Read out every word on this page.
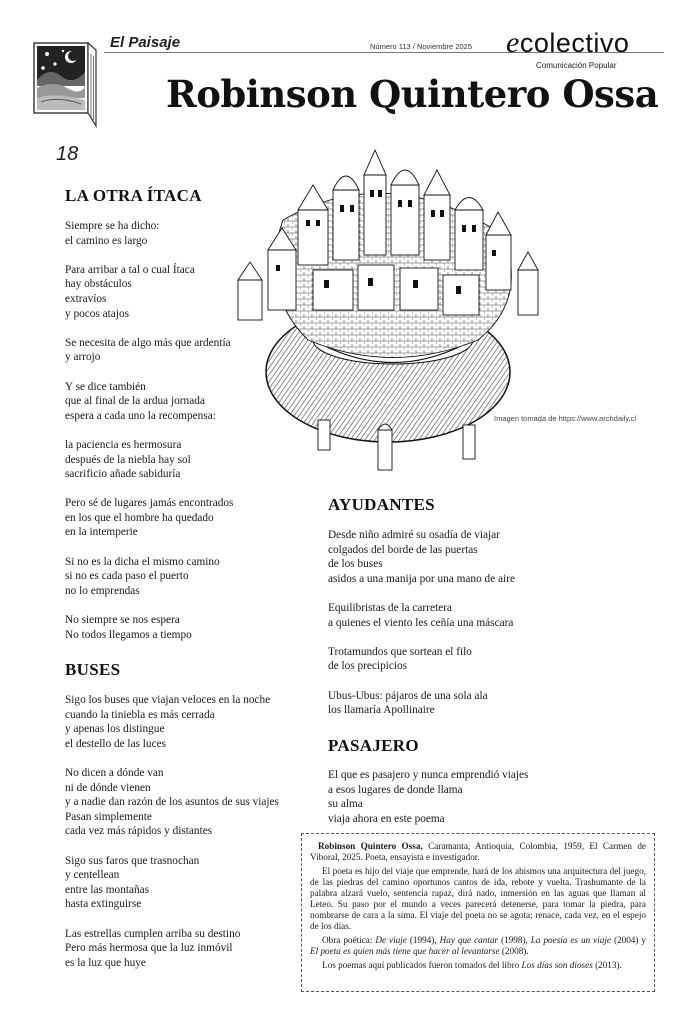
El Paisaje	Número 113 / Noviembre 2025 ecolectivo
Comunicación Popular
Robinson Quintero Ossa
18
LA OTRA ÍTACA
Siempre se ha dicho:
el camino es largo

Para arribar a tal o cual Ítaca
hay obstáculos
extravíos
y pocos atajos

Se necesita de algo más que ardentía
y arrojo

Y se dice también
que al final de la ardua jornada
espera a cada uno la recompensa:

la paciencia es hermosura
después de la niebla hay sol
sacrificio añade sabiduría

Pero sé de lugares jamás encontrados
en los que el hombre ha quedado
en la intemperie

Si no es la dicha el mismo camino
si no es cada paso el puerto
no lo emprendas

No siempre se nos espera
No todos llegamos a tiempo
BUSES
Sigo los buses que viajan veloces en la noche
cuando la tiniebla es más cerrada
y apenas los distingue
el destello de las luces

No dicen a dónde van
ni de dónde vienen
y a nadie dan razón de los asuntos de sus viajes
Pasan simplemente
cada vez más rápidos y distantes

Sigo sus faros que trasnochan
y centellean
entre las montañas
hasta extinguirse

Las estrellas cumplen arriba su destino
Pero más hermosa que la luz inmóvil
es la luz que huye
Imagen tomada de https://www.archdaily.cl
AYUDANTES
Desde niño admiré su osadía de viajar
colgados del borde de las puertas
de los buses
asidos a una manija por una mano de aire

Equilibristas de la carretera
a quienes el viento les ceñía una máscara

Trotamundos que sortean el filo
de los precipicios

Ubus-Ubus: pájaros de una sola ala
los llamaría Apollinaire
PASAJERO
El que es pasajero y nunca emprendió viajes
a esos lugares de donde llama
su alma
viaja ahora en este poema

Robinson Quintero Ossa, Caramanta, Antioquia, Colombia, 1959, El Carmen de Viboral, 2025. Poeta, ensayista e investigador.

El poeta es hijo del viaje que emprende, hará de los abismos una arquitectura del juego, de las piedras del camino oportunos cantos de ida, rebote y vuelta. Trashumante de la palabra alzará vuelo, sentencia rapaz, dirá nado, inmersión en las aguas que llaman al Leteo. Su paso por el mundo a veces parecerá detenerse, para tomar la piedra, para nombrarse de cara a la sima. El viaje del poeta no se agota; renace, cada vez, en el espejo de los días.

Obra poética: De viaje (1994), Hay que cantar (1998), La poesía es un viaje (2004) y El poeta es quien más tiene que hacer al levantarse (2008).

Los poemas aquí publicados fueron tomados del libro Los días son dioses (2013).
